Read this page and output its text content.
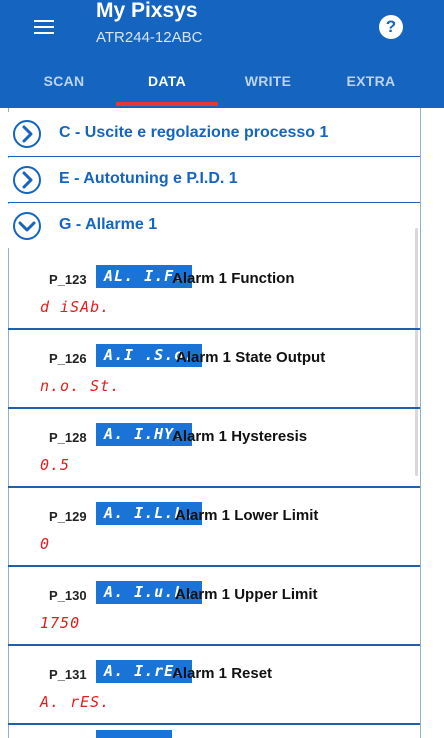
My Pixsys
ATR244-12ABC
?
SCAN	DATA	WRITE	EXTRA
C - Uscite e regolazione processo 1
E - Autotuning e P.I.D. 1
G - Allarme 1
P_123	AL. I.F.
Alarm 1 Function
d iSAb.
P_126	A.I .S.o.
Alarm 1 State Output
n.o. St.
P_128	A. I.HY.
Alarm 1 Hysteresis
0.5
P_129	A. I.L.L.
Alarm 1 Lower Limit
0
P_130	A. I.u.L.
Alarm 1 Upper Limit
1750
P_131	A. I.rE.
Alarm 1 Reset
A. rES.
